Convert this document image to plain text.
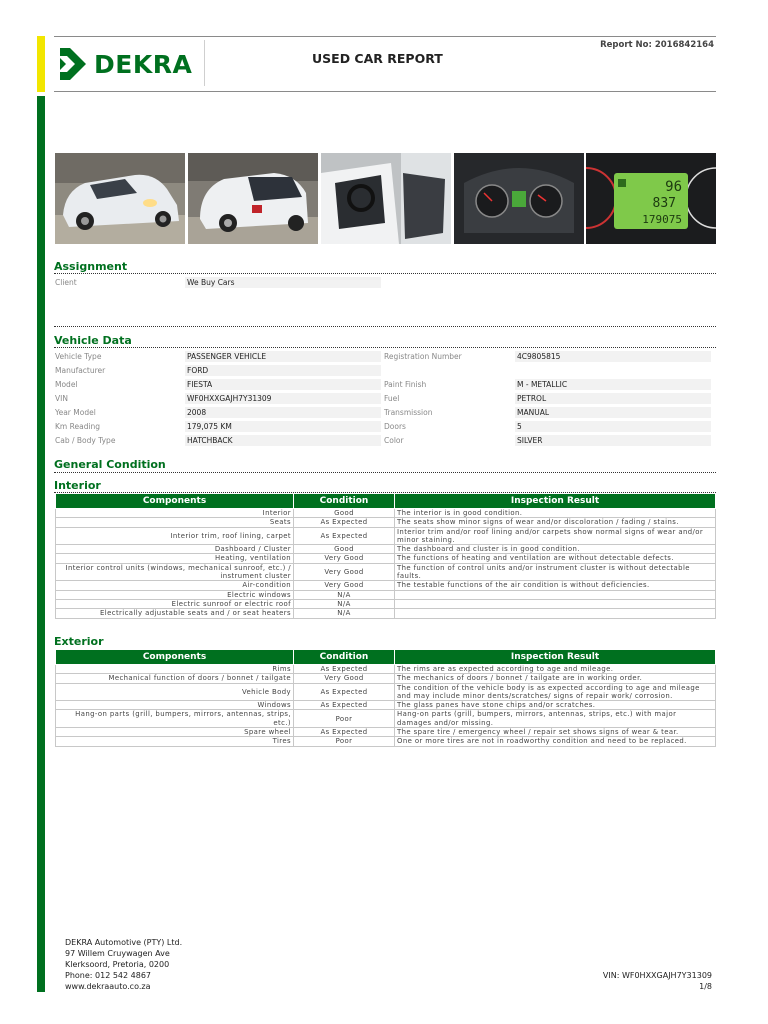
DEKRA	USED CAR REPORT
Report No: 2016842164
96
837
179075
Assignment
Client	We Buy Cars
Vehicle Data
Vehicle Type	PASSENGER VEHICLE
Manufacturer	FORD
Model	FIESTA
VIN	WF0HXXGAJH7Y31309
Year Model	2008
Km Reading	179,075 KM
Cab / Body Type	HATCHBACK
Registration Number	4C9805815
Paint Finish	M - METALLIC
Fuel	PETROL
Transmission	MANUAL
Doors	5
Color	SILVER
General Condition
Interior
Components	Condition	Inspection Result
Interior	Good	The interior is in good condition.
Seats	As Expected	The seats show minor signs of wear and/or discoloration / fading / stains.
Interior trim, roof lining, carpet	As Expected	Interior trim and/or roof lining and/or carpets show normal signs of wear and/or minor staining.
Dashboard / Cluster	Good	The dashboard and cluster is in good condition.
Heating, ventilation	Very Good	The functions of heating and ventilation are without detectable defects.
Interior control units (windows, mechanical sunroof, etc.) / instrument cluster	Very Good	The function of control units and/or instrument cluster is without detectable faults.
Air-condition	Very Good	The testable functions of the air condition is without deficiencies.
Electric windows	N/A	
Electric sunroof or electric roof	N/A	
Electrically adjustable seats and / or seat heaters	N/A	
Exterior
Components	Condition	Inspection Result
Rims	As Expected	The rims are as expected according to age and mileage.
Mechanical function of doors / bonnet / tailgate	Very Good	The mechanics of doors / bonnet / tailgate are in working order.
Vehicle Body	As Expected	The condition of the vehicle body is as expected according to age and mileage and may include minor dents/scratches/ signs of repair work/ corrosion.
Windows	As Expected	The glass panes have stone chips and/or scratches.
Hang-on parts (grill, bumpers, mirrors, antennas, strips, etc.)	Poor	Hang-on parts (grill, bumpers, mirrors, antennas, strips, etc.) with major damages and/or missing.
Spare wheel	As Expected	The spare tire / emergency wheel / repair set shows signs of wear & tear.
Tires	Poor	One or more tires are not in roadworthy condition and need to be replaced.
DEKRA Automotive (PTY) Ltd.
97 Willem Cruywagen Ave
Klerksoord, Pretoria, 0200
Phone: 012 542 4867
www.dekraauto.co.za
VIN: WF0HXXGAJH7Y31309
1/8
